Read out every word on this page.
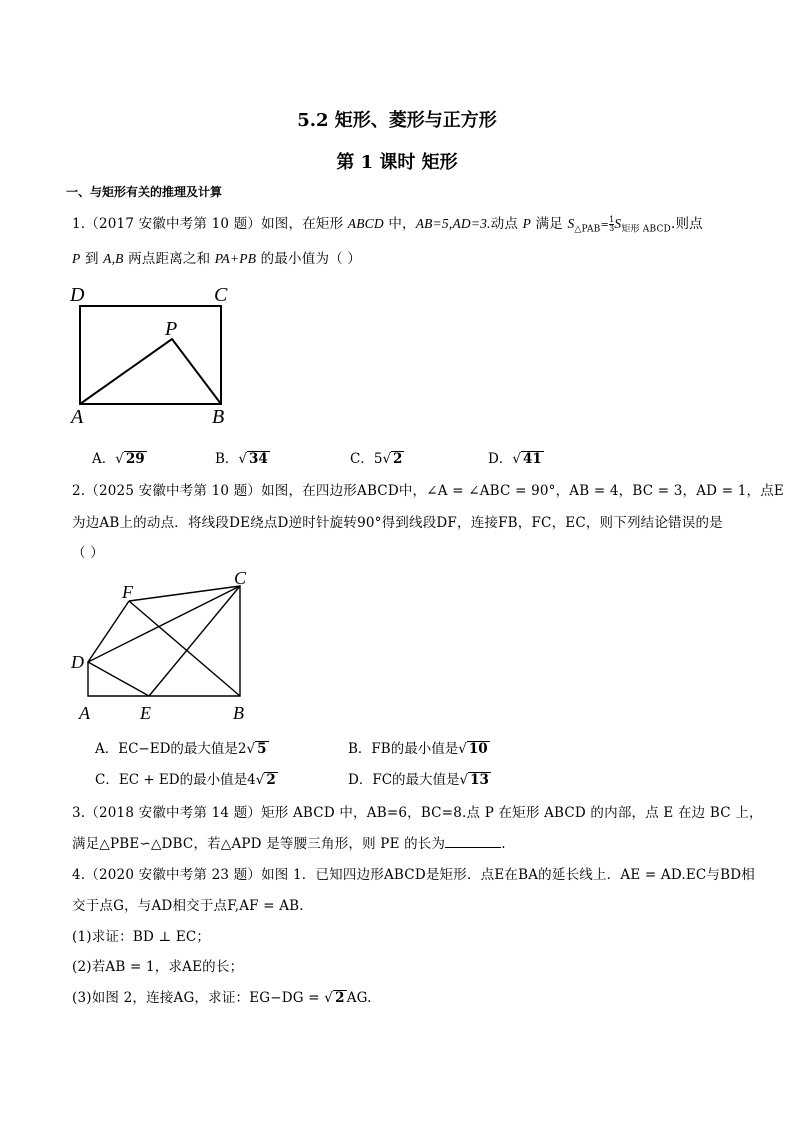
5.2 矩形、菱形与正方形
第 1 课时 矩形
一、与矩形有关的推理及计算
1.（2017 安徽中考第 10 题）如图，在矩形 ABCD 中，AB=5,AD=3.动点 P 满足 $S_{\triangle PAB}= \frac{1}{3} S_{矩形 ABCD}$.则点
P 到 A,B 两点距离之和 PA+PB 的最小值为（ ）
D	C
P
A	B
A．√ 29	B．√ 34	C．5√ 2	D．√ 41
2.（2025 安徽中考第 10 题）如图，在四边形ABCD中，∠A = ∠ABC = 90°，AB = 4，BC = 3，AD = 1，点E
为边AB上的动点．将线段DE绕点D逆时针旋转90°得到线段DF，连接FB，FC，EC，则下列结论错误的是
（ ）
F
C
D
A	E	B
A．EC−ED的最大值是2√ 5	B．FB的最小值是√ 10
C．EC + ED的最小值是4√ 2	D．FC的最大值是√ 13
3.（2018 安徽中考第 14 题）矩形 ABCD 中，AB=6，BC=8.点 P 在矩形 ABCD 的内部，点 E 在边 BC 上，
满足△PBE∽△DBC，若△APD 是等腰三角形，则 PE 的长为	.
4.（2020 安徽中考第 23 题）如图 1．已知四边形ABCD是矩形．点E在BA的延长线上．AE = AD.EC与BD相
交于点G，与AD相交于点F,AF = AB.
(1)求证：BD ⊥ EC；
(2)若AB = 1，求AE的长；
(3)如图 2，连接AG，求证：EG−DG = √ 2 AG.
